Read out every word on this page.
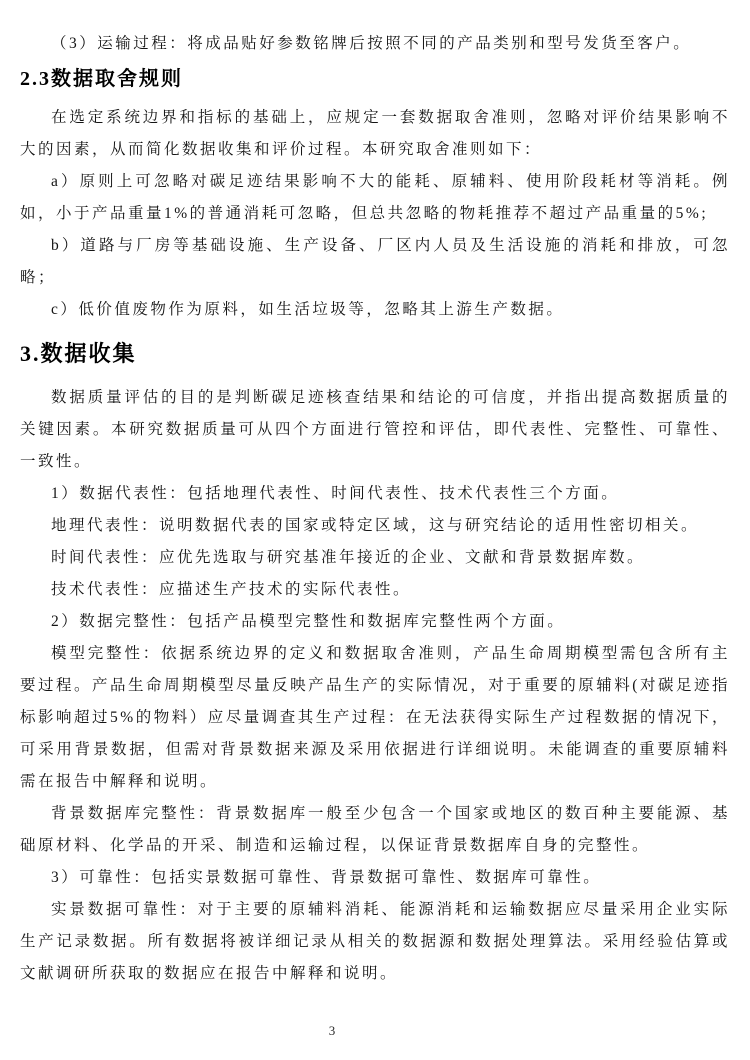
（3）运输过程：将成品贴好参数铭牌后按照不同的产品类别和型号发货至客户。

2.3数据取舍规则

在选定系统边界和指标的基础上，应规定一套数据取舍准则，忽略对评价结果影响不大的因素，从而简化数据收集和评价过程。本研究取舍准则如下：

a）原则上可忽略对碳足迹结果影响不大的能耗、原辅料、使用阶段耗材等消耗。例如，小于产品重量1%的普通消耗可忽略，但总共忽略的物耗推荐不超过产品重量的5%;

b）道路与厂房等基础设施、生产设备、厂区内人员及生活设施的消耗和排放，可忽略；

c）低价值废物作为原料，如生活垃圾等，忽略其上游生产数据。

3.数据收集

数据质量评估的目的是判断碳足迹核查结果和结论的可信度，并指出提高数据质量的关键因素。本研究数据质量可从四个方面进行管控和评估，即代表性、完整性、可靠性、一致性。

1）数据代表性：包括地理代表性、时间代表性、技术代表性三个方面。

地理代表性：说明数据代表的国家或特定区域，这与研究结论的适用性密切相关。

时间代表性：应优先选取与研究基准年接近的企业、文献和背景数据库数。

技术代表性：应描述生产技术的实际代表性。

2）数据完整性：包括产品模型完整性和数据库完整性两个方面。

模型完整性：依据系统边界的定义和数据取舍准则，产品生命周期模型需包含所有主要过程。产品生命周期模型尽量反映产品生产的实际情况，对于重要的原辅料(对碳足迹指标影响超过5%的物料）应尽量调查其生产过程：在无法获得实际生产过程数据的情况下，可采用背景数据，但需对背景数据来源及采用依据进行详细说明。未能调查的重要原辅料需在报告中解释和说明。

背景数据库完整性：背景数据库一般至少包含一个国家或地区的数百种主要能源、基础原材料、化学品的开采、制造和运输过程，以保证背景数据库自身的完整性。

3）可靠性：包括实景数据可靠性、背景数据可靠性、数据库可靠性。

实景数据可靠性：对于主要的原辅料消耗、能源消耗和运输数据应尽量采用企业实际生产记录数据。所有数据将被详细记录从相关的数据源和数据处理算法。采用经验估算或文献调研所获取的数据应在报告中解释和说明。

3
